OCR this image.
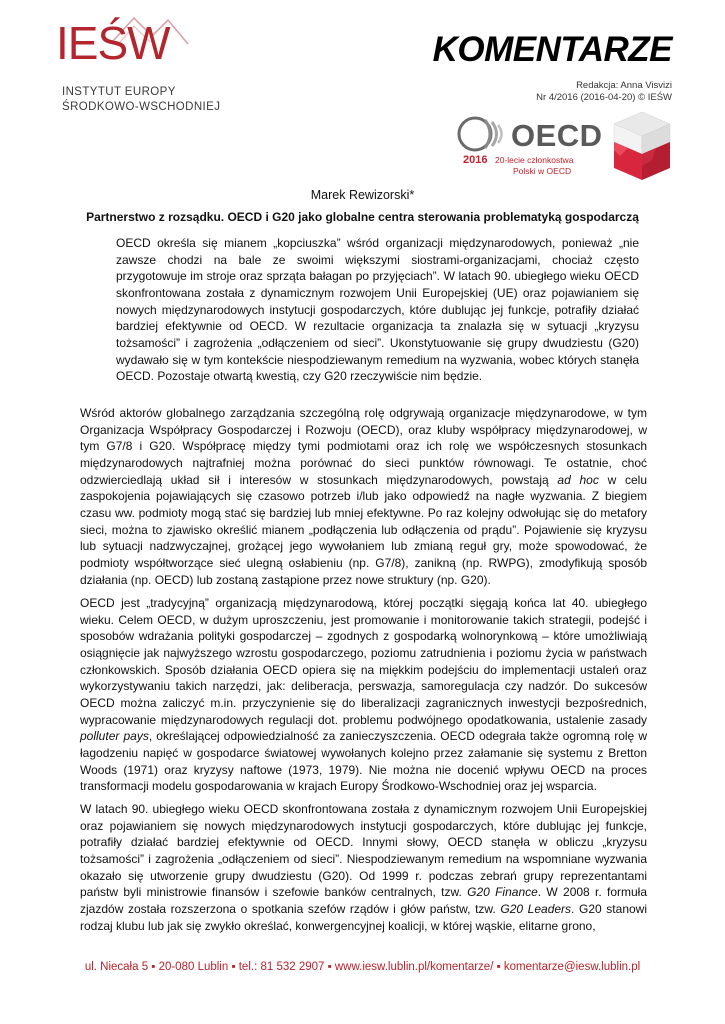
IEŚW
INSTYTUT EUROPY
ŚRODKOWO-WSCHODNIEJ
KOMENTARZE
Redakcja: Anna Visvizi
Nr 4/2016 (2016-04-20) © IEŚW
OECD
2016 20-lecie członkostwa
Polski w OECD
Marek Rewizorski*
Partnerstwo z rozsądku. OECD i G20 jako globalne centra sterowania problematyką gospodarczą

OECD określa się mianem „kopciuszka” wśród organizacji międzynarodowych, ponieważ „nie zawsze chodzi na bale ze swoimi większymi siostrami-organizacjami, chociaż często przygotowuje im stroje oraz sprząta bałagan po przyjęciach”. W latach 90. ubiegłego wieku OECD skonfrontowana została z dynamicznym rozwojem Unii Europejskiej (UE) oraz pojawianiem się nowych międzynarodowych instytucji gospodarczych, które dublując jej funkcje, potrafiły działać bardziej efektywnie od OECD. W rezultacie organizacja ta znalazła się w sytuacji „kryzysu tożsamości” i zagrożenia „odłączeniem od sieci”. Ukonstytuowanie się grupy dwudziestu (G20) wydawało się w tym kontekście niespodziewanym remedium na wyzwania, wobec których stanęła OECD. Pozostaje otwartą kwestią, czy G20 rzeczywiście nim będzie.

Wśród aktorów globalnego zarządzania szczególną rolę odgrywają organizacje międzynarodowe, w tym Organizacja Współpracy Gospodarczej i Rozwoju (OECD), oraz kluby współpracy międzynarodowej, w tym G7/8 i G20. Współpracę między tymi podmiotami oraz ich rolę we współczesnych stosunkach międzynarodowych najtrafniej można porównać do sieci punktów równowagi. Te ostatnie, choć odzwierciedlają układ sił i interesów w stosunkach międzynarodowych, powstają ad hoc w celu zaspokojenia pojawiających się czasowo potrzeb i/lub jako odpowiedź na nagłe wyzwania. Z biegiem czasu ww. podmioty mogą stać się bardziej lub mniej efektywne. Po raz kolejny odwołując się do metafory sieci, można to zjawisko określić mianem „podłączenia lub odłączenia od prądu”. Pojawienie się kryzysu lub sytuacji nadzwyczajnej, grożącej jego wywołaniem lub zmianą reguł gry, może spowodować, że podmioty współtworzące sieć ulegną osłabieniu (np. G7/8), zanikną (np. RWPG), zmodyfikują sposób działania (np. OECD) lub zostaną zastąpione przez nowe struktury (np. G20).

OECD jest „tradycyjną” organizacją międzynarodową, której początki sięgają końca lat 40. ubiegłego wieku. Celem OECD, w dużym uproszczeniu, jest promowanie i monitorowanie takich strategii, podejść i sposobów wdrażania polityki gospodarczej – zgodnych z gospodarką wolnorynkową – które umożliwiają osiągnięcie jak najwyższego wzrostu gospodarczego, poziomu zatrudnienia i poziomu życia w państwach członkowskich. Sposób działania OECD opiera się na miękkim podejściu do implementacji ustaleń oraz wykorzystywaniu takich narzędzi, jak: deliberacja, perswazja, samoregulacja czy nadzór. Do sukcesów OECD można zaliczyć m.in. przyczynienie się do liberalizacji zagranicznych inwestycji bezpośrednich, wypracowanie międzynarodowych regulacji dot. problemu podwójnego opodatkowania, ustalenie zasady polluter pays, określającej odpowiedzialność za zanieczyszczenia. OECD odegrała także ogromną rolę w łagodzeniu napięć w gospodarce światowej wywołanych kolejno przez załamanie się systemu z Bretton Woods (1971) oraz kryzysy naftowe (1973, 1979). Nie można nie docenić wpływu OECD na proces transformacji modelu gospodarowania w krajach Europy Środkowo-Wschodniej oraz jej wsparcia.

W latach 90. ubiegłego wieku OECD skonfrontowana została z dynamicznym rozwojem Unii Europejskiej oraz pojawianiem się nowych międzynarodowych instytucji gospodarczych, które dublując jej funkcje, potrafiły działać bardziej efektywnie od OECD. Innymi słowy, OECD stanęła w obliczu „kryzysu tożsamości” i zagrożenia „odłączeniem od sieci”. Niespodziewanym remedium na wspomniane wyzwania okazało się utworzenie grupy dwudziestu (G20). Od 1999 r. podczas zebrań grupy reprezentantami państw byli ministrowie finansów i szefowie banków centralnych, tzw. G20 Finance. W 2008 r. formuła zjazdów została rozszerzona o spotkania szefów rządów i głów państw, tzw. G20 Leaders. G20 stanowi rodzaj klubu lub jak się zwykło określać, konwergencyjnej koalicji, w której wąskie, elitarne grono,

ul. Niecała 5 ▪ 20-080 Lublin ▪ tel.: 81 532 2907 ▪ www.iesw.lublin.pl/komentarze/ ▪ komentarze@iesw.lublin.pl
